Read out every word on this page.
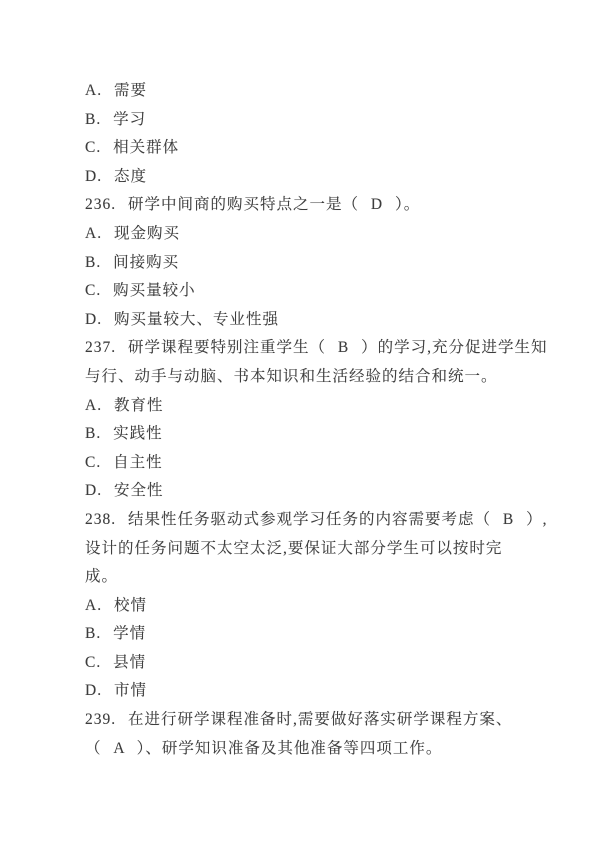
A. 需要
B. 学习
C. 相关群体
D. 态度
236. 研学中间商的购买特点之一是（ D ）。
A. 现金购买
B. 间接购买
C. 购买量较小
D. 购买量较大、专业性强
237. 研学课程要特别注重学生（ B ）的学习,充分促进学生知
与行、动手与动脑、书本知识和生活经验的结合和统一。
A. 教育性
B. 实践性
C. 自主性
D. 安全性
238. 结果性任务驱动式参观学习任务的内容需要考虑（ B ）,
设计的任务问题不太空太泛,要保证大部分学生可以按时完
成。
A. 校情
B. 学情
C. 县情
D. 市情
239. 在进行研学课程准备时,需要做好落实研学课程方案、
（ A ）、研学知识准备及其他准备等四项工作。
